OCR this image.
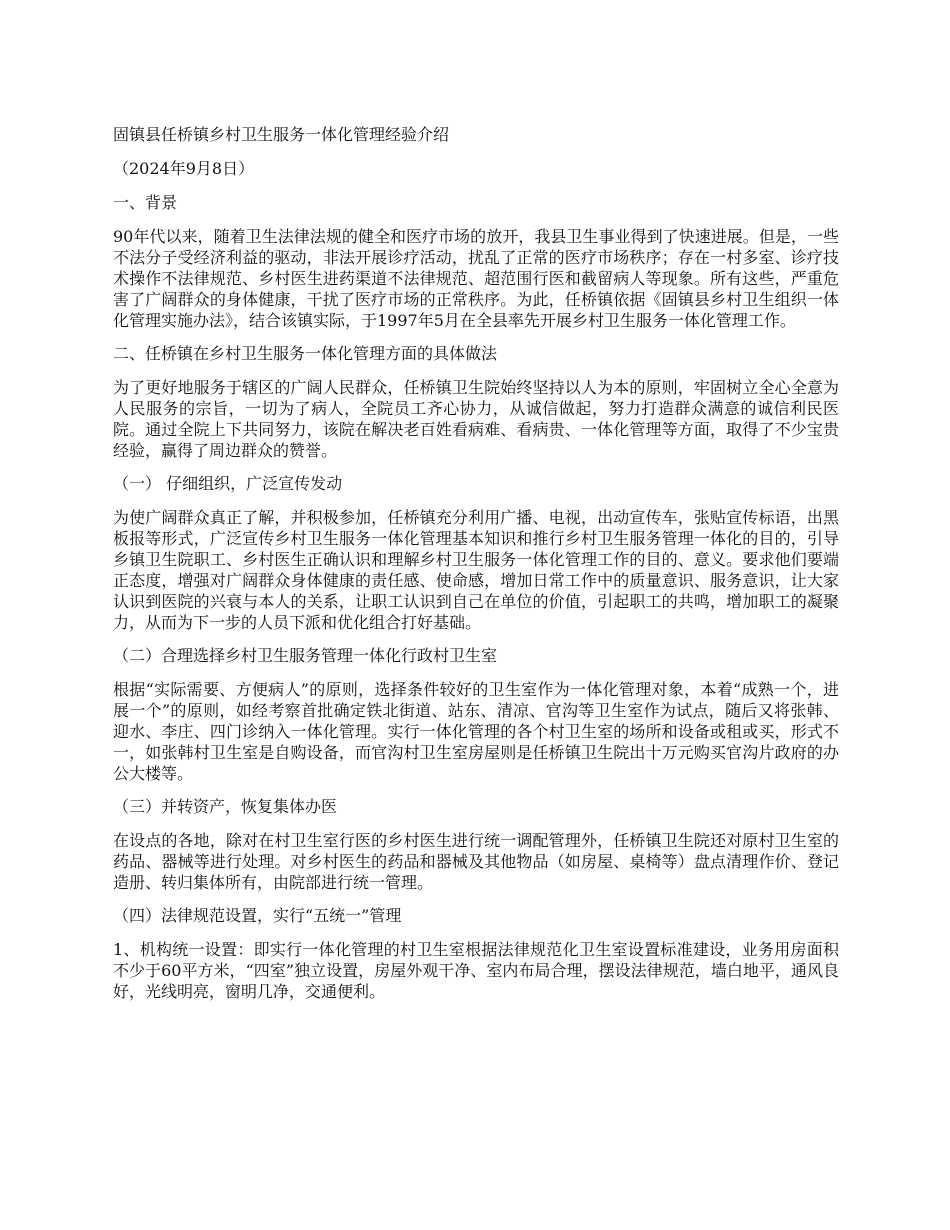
固镇县任桥镇乡村卫生服务一体化管理经验介绍

（2024年9月8日）

一、背景

90年代以来，随着卫生法律法规的健全和医疗市场的放开，我县卫生事业得到了快速进展。但是，一些不法分子受经济利益的驱动，非法开展诊疗活动，扰乱了正常的医疗市场秩序；存在一村多室、诊疗技术操作不法律规范、乡村医生进药渠道不法律规范、超范围行医和截留病人等现象。所有这些，严重危害了广阔群众的身体健康，干扰了医疗市场的正常秩序。为此，任桥镇依据《固镇县乡村卫生组织一体化管理实施办法》，结合该镇实际，于1997年5月在全县率先开展乡村卫生服务一体化管理工作。

二、任桥镇在乡村卫生服务一体化管理方面的具体做法

为了更好地服务于辖区的广阔人民群众，任桥镇卫生院始终坚持以人为本的原则，牢固树立全心全意为人民服务的宗旨，一切为了病人，全院员工齐心协力，从诚信做起，努力打造群众满意的诚信利民医院。通过全院上下共同努力，该院在解决老百姓看病难、看病贵、一体化管理等方面，取得了不少宝贵经验，赢得了周边群众的赞誉。

（一） 仔细组织，广泛宣传发动

为使广阔群众真正了解，并积极参加，任桥镇充分利用广播、电视，出动宣传车，张贴宣传标语，出黑板报等形式，广泛宣传乡村卫生服务一体化管理基本知识和推行乡村卫生服务管理一体化的目的，引导乡镇卫生院职工、乡村医生正确认识和理解乡村卫生服务一体化管理工作的目的、意义。要求他们要端正态度，增强对广阔群众身体健康的责任感、使命感，增加日常工作中的质量意识、服务意识，让大家认识到医院的兴衰与本人的关系，让职工认识到自己在单位的价值，引起职工的共鸣，增加职工的凝聚力，从而为下一步的人员下派和优化组合打好基础。

（二）合理选择乡村卫生服务管理一体化行政村卫生室

根据“实际需要、方便病人”的原则，选择条件较好的卫生室作为一体化管理对象，本着“成熟一个，进展一个”的原则，如经考察首批确定铁北街道、站东、清凉、官沟等卫生室作为试点，随后又将张韩、迎水、李庄、四门诊纳入一体化管理。实行一体化管理的各个村卫生室的场所和设备或租或买，形式不一，如张韩村卫生室是自购设备，而官沟村卫生室房屋则是任桥镇卫生院出十万元购买官沟片政府的办公大楼等。

（三）并转资产，恢复集体办医

在设点的各地，除对在村卫生室行医的乡村医生进行统一调配管理外，任桥镇卫生院还对原村卫生室的药品、器械等进行处理。对乡村医生的药品和器械及其他物品（如房屋、桌椅等）盘点清理作价、登记造册、转归集体所有，由院部进行统一管理。

（四）法律规范设置，实行“五统一”管理

1、机构统一设置：即实行一体化管理的村卫生室根据法律规范化卫生室设置标准建设，业务用房面积不少于60平方米，“四室”独立设置，房屋外观干净、室内布局合理，摆设法律规范，墙白地平，通风良好，光线明亮，窗明几净，交通便利。
